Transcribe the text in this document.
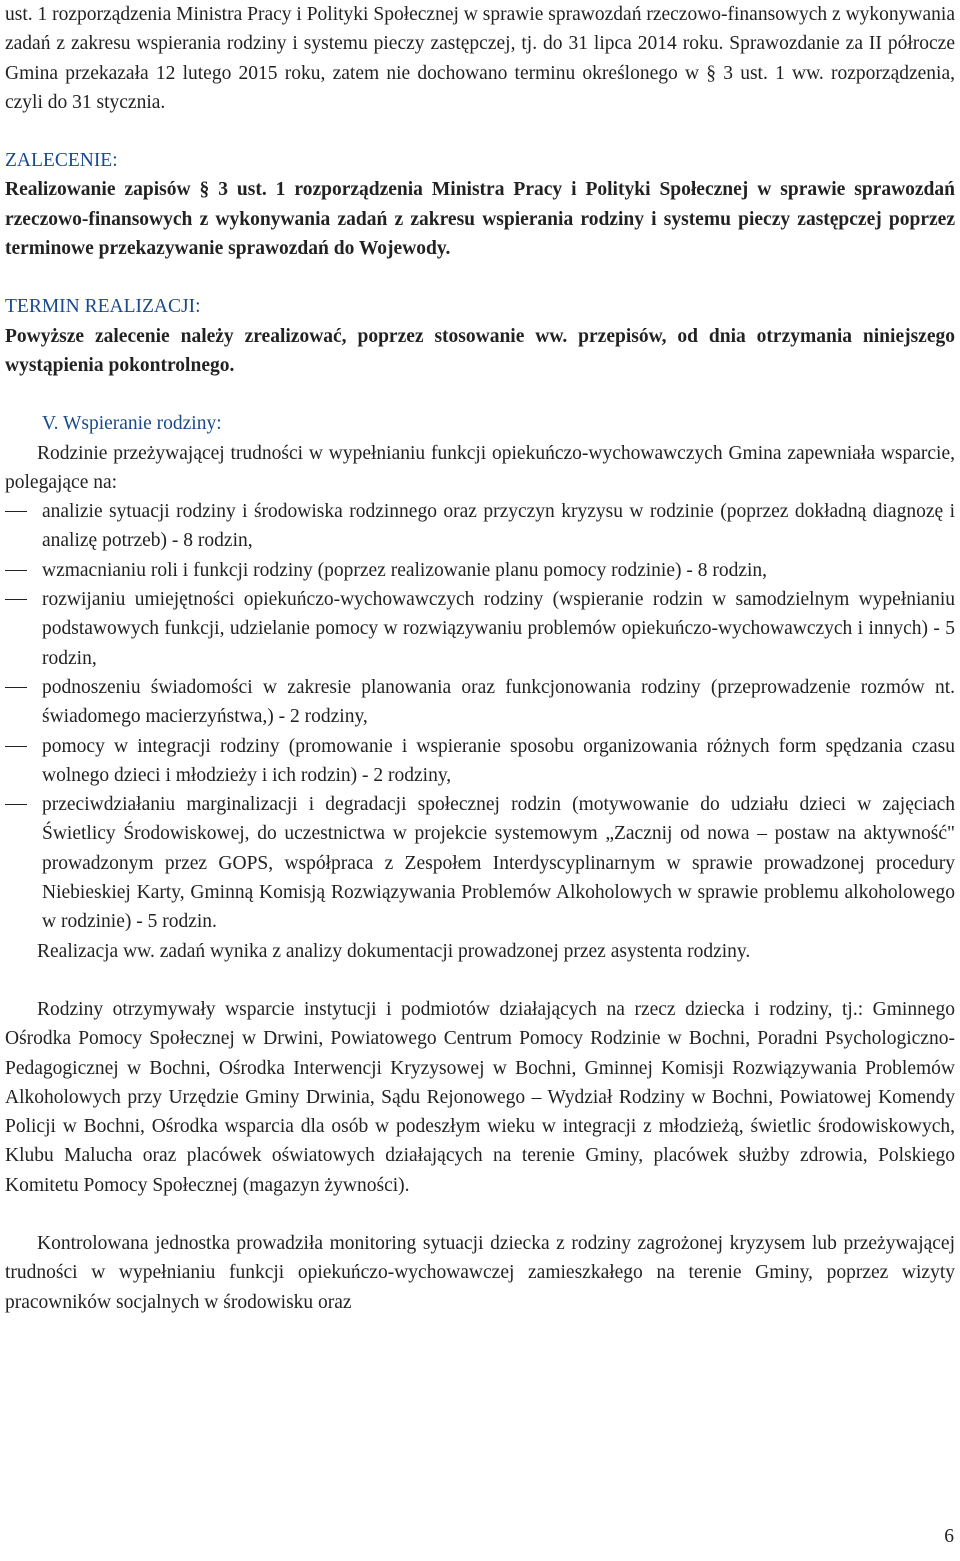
ust. 1 rozporządzenia Ministra Pracy i Polityki Społecznej w sprawie sprawozdań rzeczowo-finansowych z wykonywania zadań z zakresu wspierania rodziny i systemu pieczy zastępczej, tj. do 31 lipca 2014 roku. Sprawozdanie za II półrocze Gmina przekazała 12 lutego 2015 roku, zatem nie dochowano terminu określonego w § 3 ust. 1 ww. rozporządzenia, czyli do 31 stycznia.

ZALECENIE:

Realizowanie zapisów § 3 ust. 1 rozporządzenia Ministra Pracy i Polityki Społecznej w sprawie sprawozdań rzeczowo-finansowych z wykonywania zadań z zakresu wspierania rodziny i systemu pieczy zastępczej poprzez terminowe przekazywanie sprawozdań do Wojewody.

TERMIN REALIZACJI:

Powyższe zalecenie należy zrealizować, poprzez stosowanie ww. przepisów, od dnia otrzymania niniejszego wystąpienia pokontrolnego.

V. Wspieranie rodziny:

Rodzinie przeżywającej trudności w wypełnianiu funkcji opiekuńczo-wychowawczych Gmina zapewniała wsparcie, polegające na:

analizie sytuacji rodziny i środowiska rodzinnego oraz przyczyn kryzysu w rodzinie (poprzez dokładną diagnozę i analizę potrzeb) - 8 rodzin,
wzmacnianiu roli i funkcji rodziny (poprzez realizowanie planu pomocy rodzinie) - 8 rodzin,
rozwijaniu umiejętności opiekuńczo-wychowawczych rodziny (wspieranie rodzin w samodzielnym wypełnianiu podstawowych funkcji, udzielanie pomocy w rozwiązywaniu problemów opiekuńczo-wychowawczych i innych) - 5 rodzin,
podnoszeniu świadomości w zakresie planowania oraz funkcjonowania rodziny (przeprowadzenie rozmów nt. świadomego macierzyństwa,) - 2 rodziny,
pomocy w integracji rodziny (promowanie i wspieranie sposobu organizowania różnych form spędzania czasu wolnego dzieci i młodzieży i ich rodzin) - 2 rodziny,
przeciwdziałaniu marginalizacji i degradacji społecznej rodzin (motywowanie do udziału dzieci w zajęciach Świetlicy Środowiskowej, do uczestnictwa w projekcie systemowym „Zacznij od nowa – postaw na aktywność" prowadzonym przez GOPS, współpraca z Zespołem Interdyscyplinarnym w sprawie prowadzonej procedury Niebieskiej Karty, Gminną Komisją Rozwiązywania Problemów Alkoholowych w sprawie problemu alkoholowego w rodzinie) - 5 rodzin.

Realizacja ww. zadań wynika z analizy dokumentacji prowadzonej przez asystenta rodziny.

Rodziny otrzymywały wsparcie instytucji i podmiotów działających na rzecz dziecka i rodziny, tj.: Gminnego Ośrodka Pomocy Społecznej w Drwini, Powiatowego Centrum Pomocy Rodzinie w Bochni, Poradni Psychologiczno-Pedagogicznej w Bochni, Ośrodka Interwencji Kryzysowej w Bochni, Gminnej Komisji Rozwiązywania Problemów Alkoholowych przy Urzędzie Gminy Drwinia, Sądu Rejonowego – Wydział Rodziny w Bochni, Powiatowej Komendy Policji w Bochni, Ośrodka wsparcia dla osób w podeszłym wieku w integracji z młodzieżą, świetlic środowiskowych, Klubu Malucha oraz placówek oświatowych działających na terenie Gminy, placówek służby zdrowia, Polskiego Komitetu Pomocy Społecznej (magazyn żywności).

Kontrolowana jednostka prowadziła monitoring sytuacji dziecka z rodziny zagrożonej kryzysem lub przeżywającej trudności w wypełnianiu funkcji opiekuńczo-wychowawczej zamieszkałego na terenie Gminy, poprzez wizyty pracowników socjalnych w środowisku oraz

6
